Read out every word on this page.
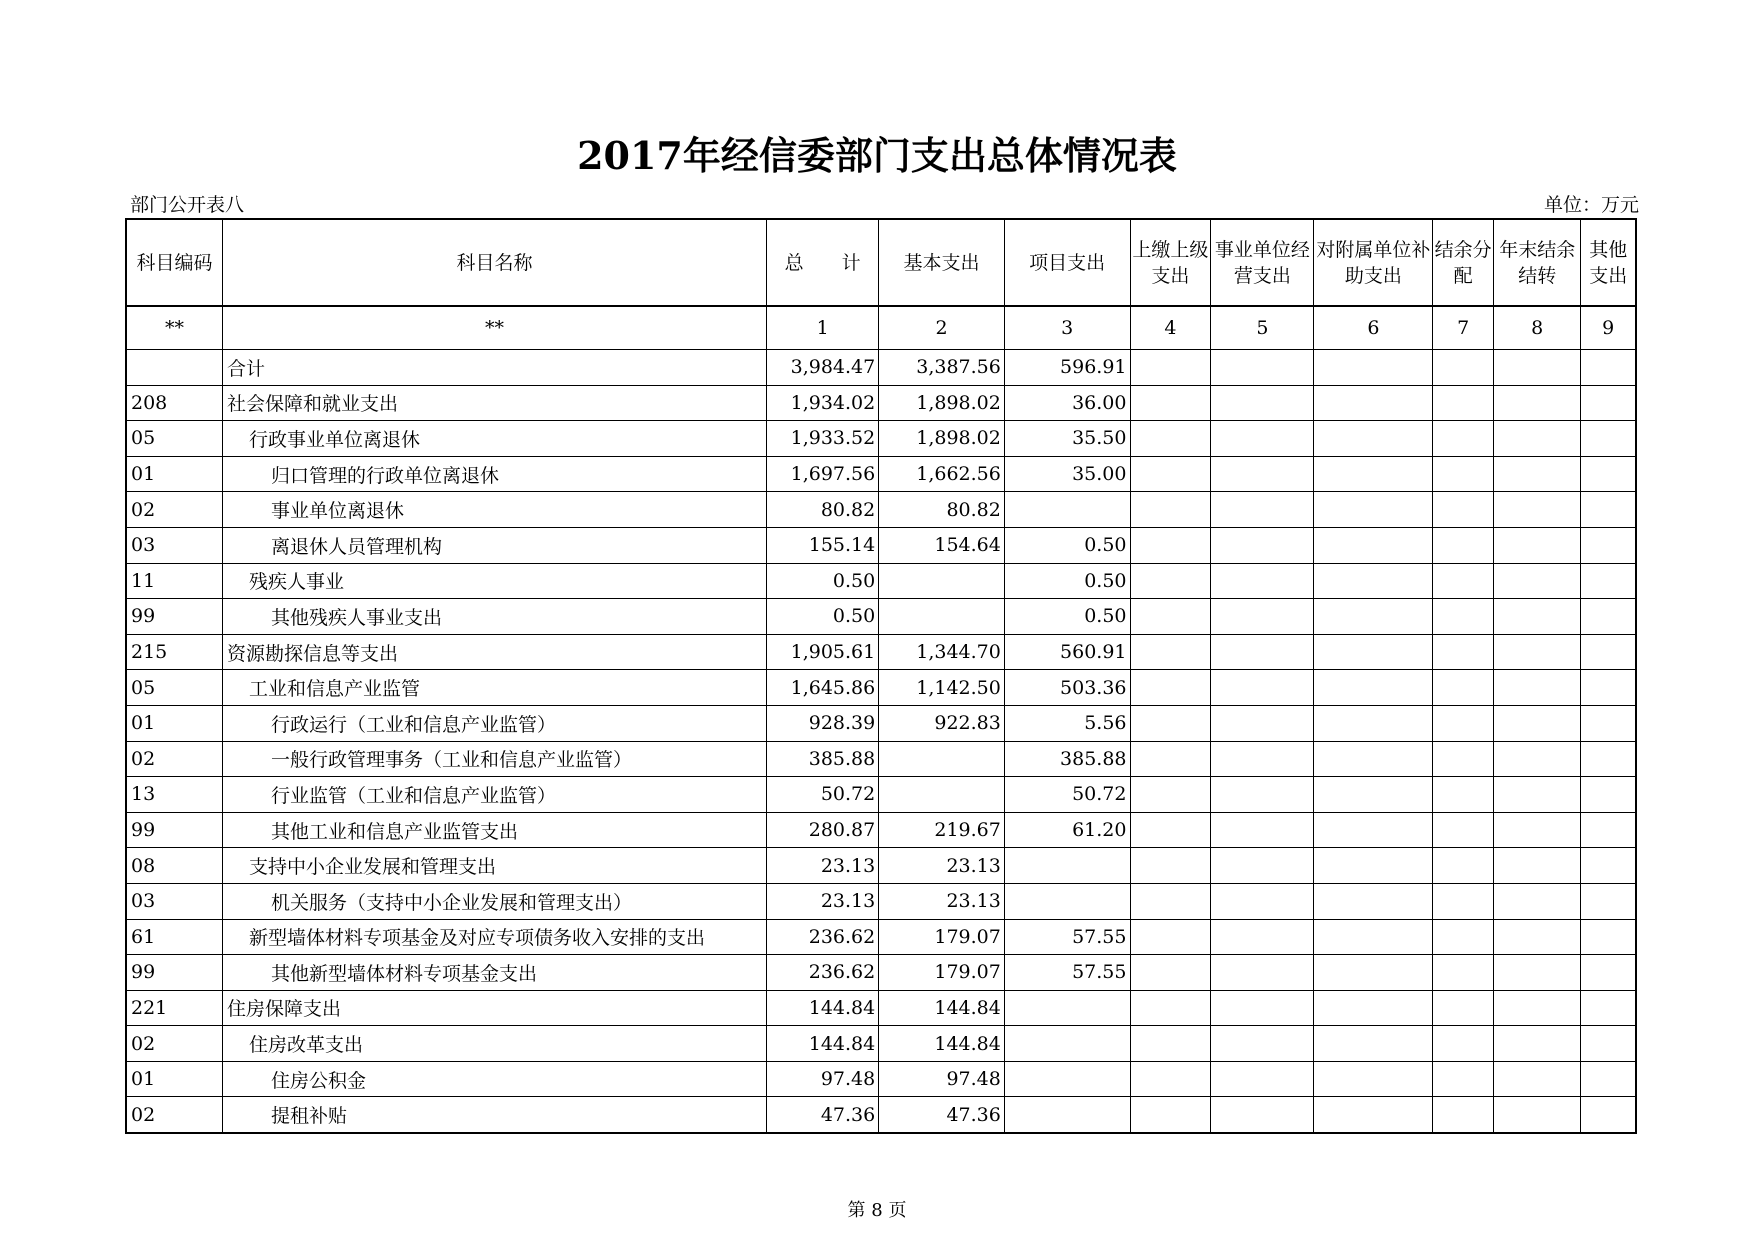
2017年经信委部门支出总体情况表
部门公开表八	单位：万元
科目编码	科目名称	总　　计	基本支出	项目支出	上缴上级支出	事业单位经营支出	对附属单位补助支出	结余分配	年末结余结转	其他支出
**	**	1	2	3	4	5	6	7	8	9
	合计	3,984.47	3,387.56	596.91						
208	社会保障和就业支出	1,934.02	1,898.02	36.00						
05	行政事业单位离退休	1,933.52	1,898.02	35.50						
01	归口管理的行政单位离退休	1,697.56	1,662.56	35.00						
02	事业单位离退休	80.82	80.82							
03	离退休人员管理机构	155.14	154.64	0.50						
11	残疾人事业	0.50		0.50						
99	其他残疾人事业支出	0.50		0.50						
215	资源勘探信息等支出	1,905.61	1,344.70	560.91						
05	工业和信息产业监管	1,645.86	1,142.50	503.36						
01	行政运行（工业和信息产业监管）	928.39	922.83	5.56						
02	一般行政管理事务（工业和信息产业监管）	385.88		385.88						
13	行业监管（工业和信息产业监管）	50.72		50.72						
99	其他工业和信息产业监管支出	280.87	219.67	61.20						
08	支持中小企业发展和管理支出	23.13	23.13							
03	机关服务（支持中小企业发展和管理支出）	23.13	23.13							
61	新型墙体材料专项基金及对应专项债务收入安排的支出	236.62	179.07	57.55						
99	其他新型墙体材料专项基金支出	236.62	179.07	57.55						
221	住房保障支出	144.84	144.84							
02	住房改革支出	144.84	144.84							
01	住房公积金	97.48	97.48							
02	提租补贴	47.36	47.36							
第 8 页
